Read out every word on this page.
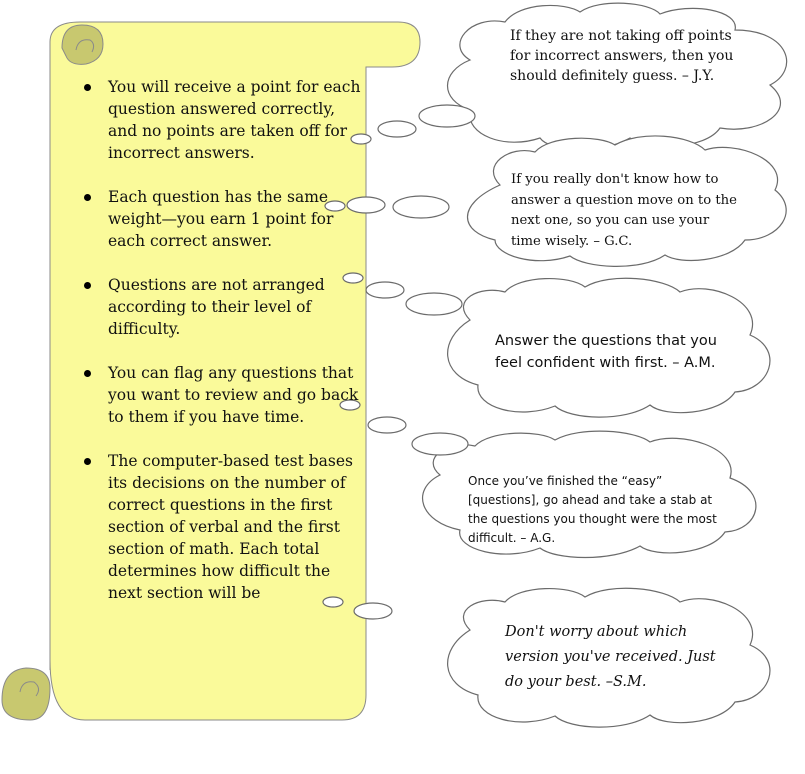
You will receive a point for each question answered correctly, and no points are taken off for incorrect answers.
Each question has the same weight—you earn 1 point for each correct answer.
Questions are not arranged according to their level of difficulty.
You can flag any questions that you want to review and go back to them if you have time.
The computer-based test bases its decisions on the number of correct questions in the first section of verbal and the first section of math. Each total determines how difficult the next section will be
If they are not taking off points for incorrect answers, then you should definitely guess. – J.Y.
If you really don't know how to answer a question move on to the next one, so you can use your time wisely. – G.C.
Answer the questions that you feel confident with first. – A.M.
Once you’ve finished the “easy” [questions], go ahead and take a stab at the questions you thought were the most difficult. – A.G.
Don't worry about which version you've received. Just do your best. –S.M.
